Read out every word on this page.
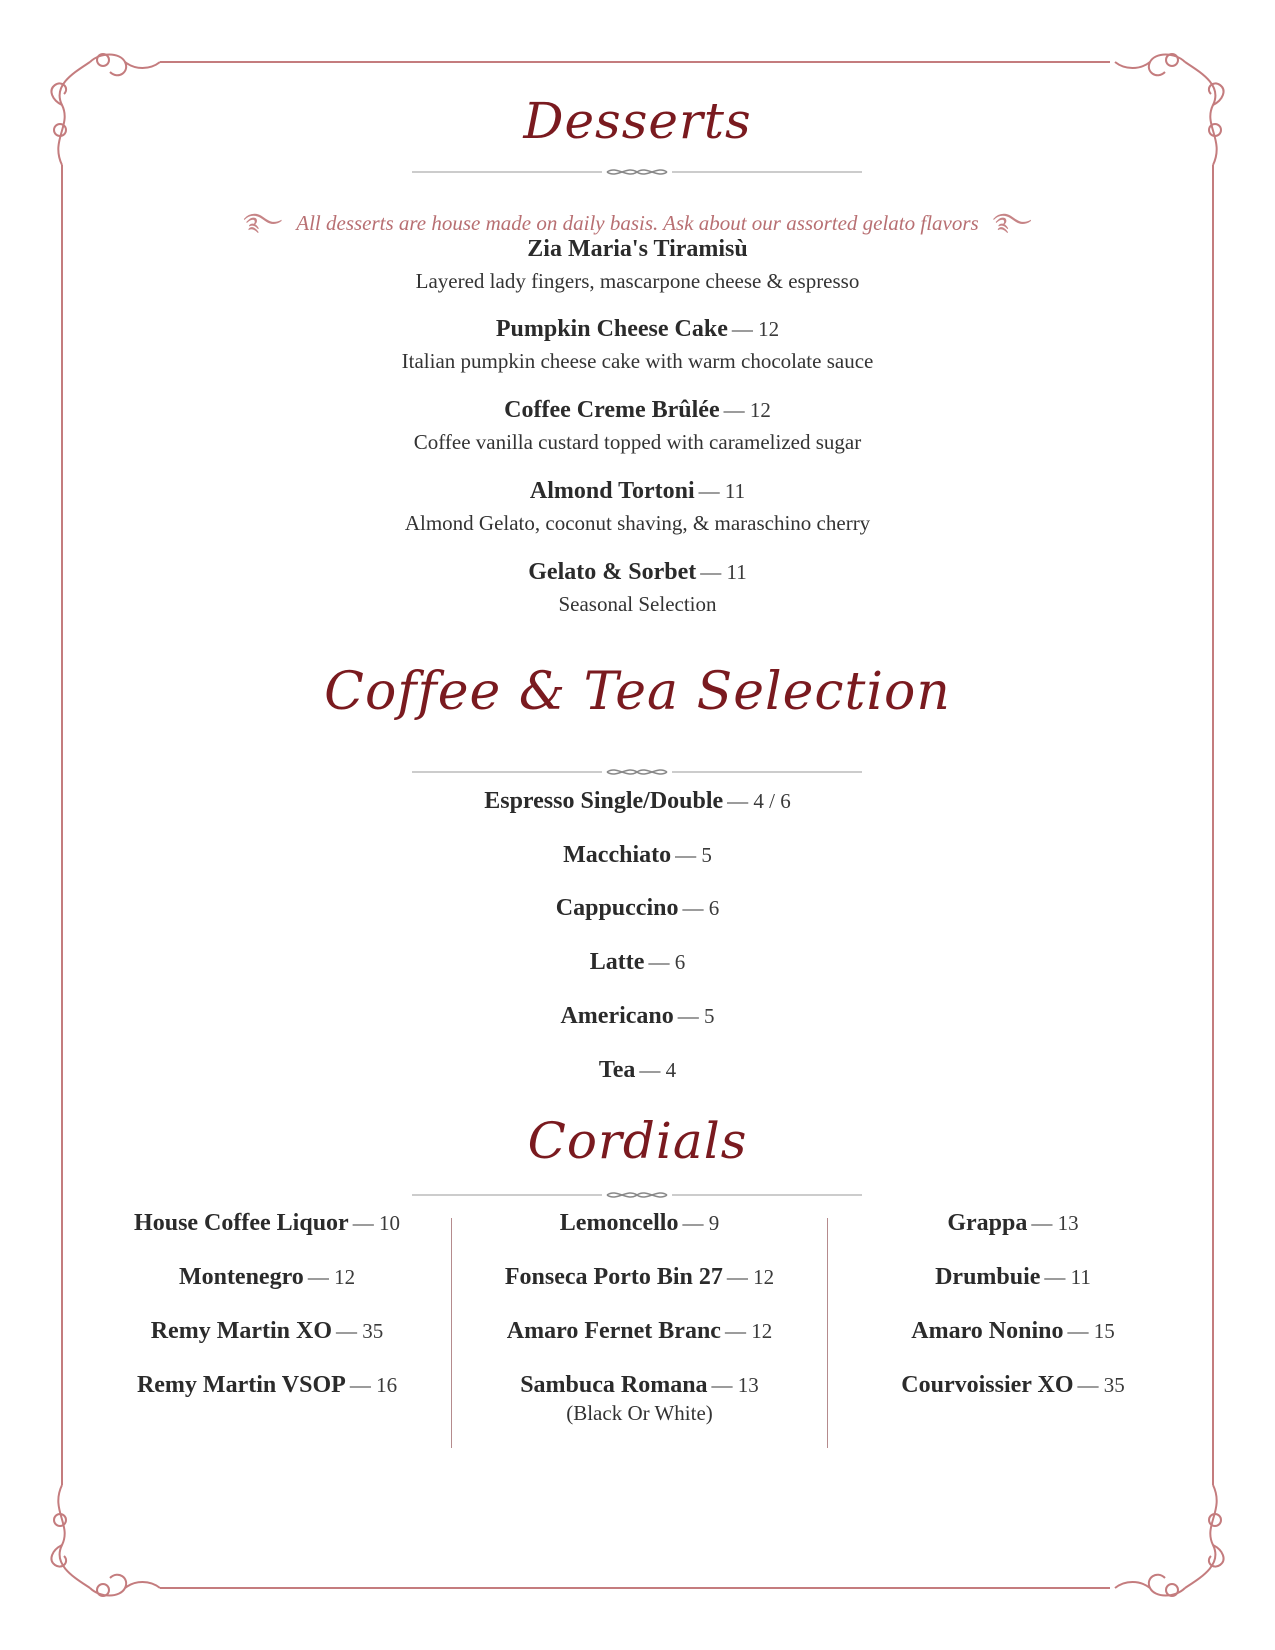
Desserts
࿐ All desserts are house made on daily basis. Ask about our assorted gelato flavors ࿐
Zia Maria's Tiramisù
Layered lady fingers, mascarpone cheese & espresso
Pumpkin Cheese Cake — 12
Italian pumpkin cheese cake with warm chocolate sauce
Coffee Creme Brûlée — 12
Coffee vanilla custard topped with caramelized sugar
Almond Tortoni — 11
Almond Gelato, coconut shaving, & maraschino cherry
Gelato & Sorbet — 11
Seasonal Selection
Coffee & Tea Selection
Espresso Single/Double — 4 / 6
Macchiato — 5
Cappuccino — 6
Latte — 6
Americano — 5
Tea — 4
Cordials
House Coffee Liquor — 10
Montenegro — 12
Remy Martin XO — 35
Remy Martin VSOP — 16
Lemoncello — 9
Fonseca Porto Bin 27 — 12
Amaro Fernet Branc — 12
Sambuca Romana — 13
(Black Or White)
Grappa — 13
Drumbuie — 11
Amaro Nonino — 15
Courvoissier XO — 35
